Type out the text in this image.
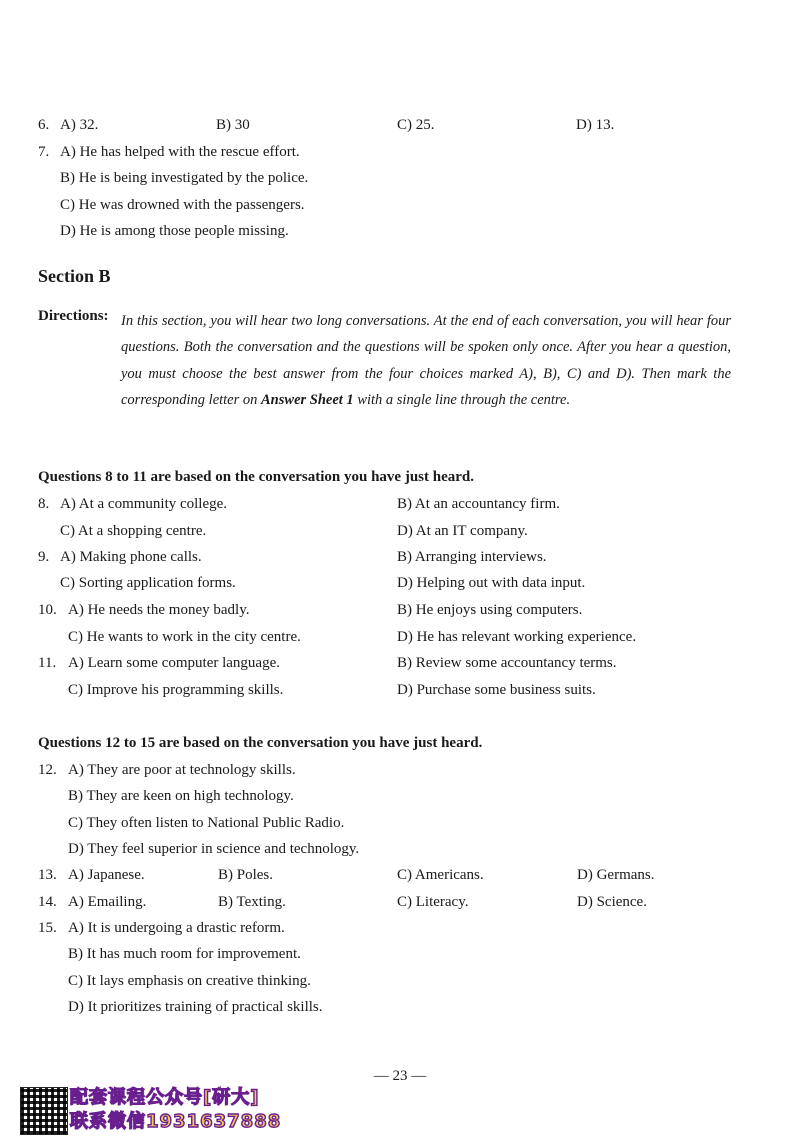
6. A) 32.	B) 30	C) 25.	D) 13.
7. A) He has helped with the rescue effort.
B) He is being investigated by the police.
C) He was drowned with the passengers.
D) He is among those people missing.
Section B
Directions: In this section, you will hear two long conversations. At the end of each conversation, you will hear four questions. Both the conversation and the questions will be spoken only once. After you hear a question, you must choose the best answer from the four choices marked A), B), C) and D). Then mark the corresponding letter on Answer Sheet 1 with a single line through the centre.
Questions 8 to 11 are based on the conversation you have just heard.
8. A) At a community college.	B) At an accountancy firm.
C) At a shopping centre.	D) At an IT company.
9. A) Making phone calls.	B) Arranging interviews.
C) Sorting application forms.	D) Helping out with data input.
10. A) He needs the money badly.	B) He enjoys using computers.
C) He wants to work in the city centre.	D) He has relevant working experience.
11. A) Learn some computer language.	B) Review some accountancy terms.
C) Improve his programming skills.	D) Purchase some business suits.
Questions 12 to 15 are based on the conversation you have just heard.
12. A) They are poor at technology skills.
B) They are keen on high technology.
C) They often listen to National Public Radio.
D) They feel superior in science and technology.
13. A) Japanese.	B) Poles.	C) Americans.	D) Germans.
14. A) Emailing.	B) Texting.	C) Literacy.	D) Science.
15. A) It is undergoing a drastic reform.
B) It has much room for improvement.
C) It lays emphasis on creative thinking.
D) It prioritizes training of practical skills.
— 23 —
配套课程公众号[研大]
联系微信1931637888
